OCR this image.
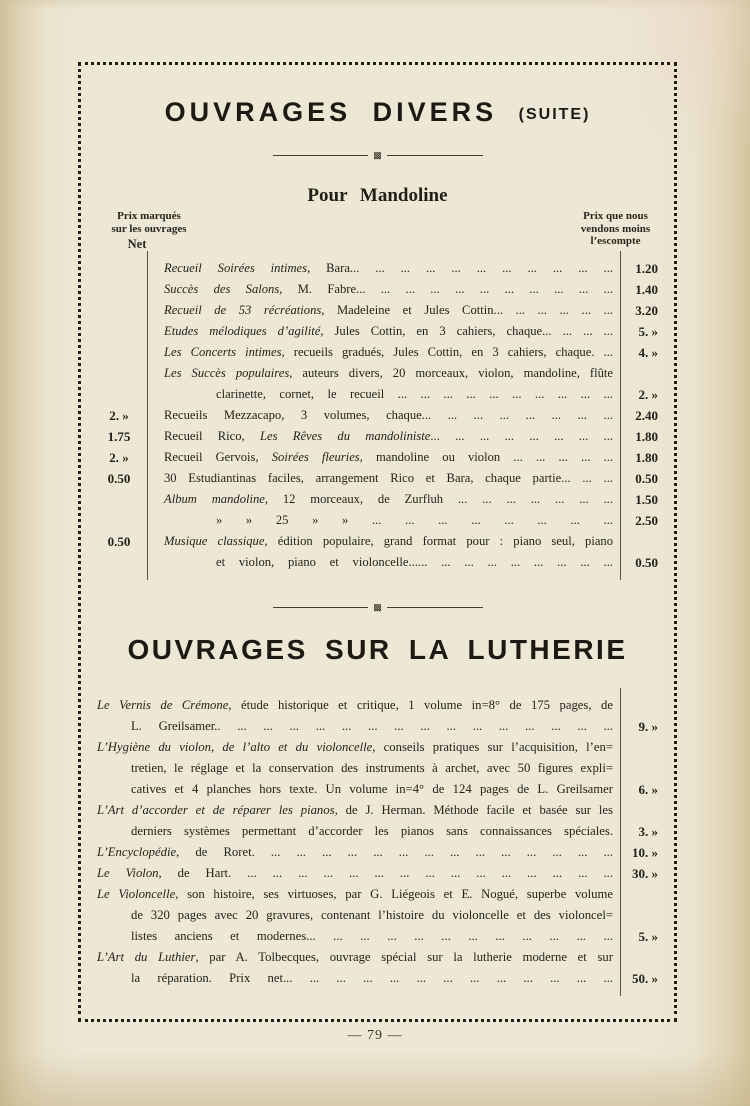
OUVRAGES DIVERS (SUITE)
▩
Pour Mandoline
Prix marqués
sur les ouvrages
Net
Prix que nous
vendons moins
l’escompte
Recueil Soirées intimes, Bara... ... ... ... ... ... ... ... ... ... ...	1.20
Succès des Salons, M. Fabre... ... ... ... ... ... ... ... ... ... ...	1.40
Recueil de 53 récréations, Madeleine et Jules Cottin... ... ... ... ... ...	3.20
Etudes mélodiques d’agilité, Jules Cottin, en 3 cahiers, chaque... ... ... ...	5. »
Les Concerts intimes, recueils gradués, Jules Cottin, en 3 cahiers, chaque. ...	4. »
Les Succès populaires, auteurs divers, 20 morceaux, violon, mandoline, flûte
clarinette, cornet, le recueil ... ... ... ... ... ... ... ... ... ...	2. »
2. »	Recueils Mezzacapo, 3 volumes, chaque... ... ... ... ... ... ... ...	2.40
1.75	Recueil Rico, Les Rêves du mandoliniste... ... ... ... ... ... ... ...	1.80
2. »	Recueil Gervois, Soirées fleuries, mandoline ou violon ... ... ... ... ...	1.80
0.50	30 Estudiantinas faciles, arrangement Rico et Bara, chaque partie... ... ...	0.50
Album mandoline, 12 morceaux, de Zurfluh ... ... ... ... ... ... ...	1.50
» » 25 » » ... ... ... ... ... ... ... ...	2.50
0.50	Musique classique, édition populaire, grand format pour : piano seul, piano
et violon, piano et violoncelle...... ... ... ... ... ... ... ... ...	0.50
▩
OUVRAGES SUR LA LUTHERIE
Le Vernis de Crémone, étude historique et critique, 1 volume in=8° de 175 pages, de
L. Greilsamer.. ... ... ... ... ... ... ... ... ... ... ... ... ... ... ...	9. »
L’Hygiène du violon, de l’alto et du violoncelle, conseils pratiques sur l’acquisition, l’en=
tretien, le réglage et la conservation des instruments à archet, avec 50 figures expli=
catives et 4 planches hors texte. Un volume in=4° de 124 pages de L. Greilsamer	6. »
L’Art d’accorder et de réparer les pianos, de J. Herman. Méthode facile et basée sur les
derniers systèmes permettant d’accorder les pianos sans connaissances spéciales.	3. »
L’Encyclopédie, de Roret. ... ... ... ... ... ... ... ... ... ... ... ... ... ...	10. »
Le Violon, de Hart. ... ... ... ... ... ... ... ... ... ... ... ... ... ... ...	30. »
Le Violoncelle, son histoire, ses virtuoses, par G. Liégeois et E. Nogué, superbe volume
de 320 pages avec 20 gravures, contenant l’histoire du violoncelle et des violoncel=
listes anciens et modernes... ... ... ... ... ... ... ... ... ... ... ...	5. »
L’Art du Luthier, par A. Tolbecques, ouvrage spécial sur la lutherie moderne et sur
la réparation. Prix net... ... ... ... ... ... ... ... ... ... ... ... ...	50. »
— 79 —
